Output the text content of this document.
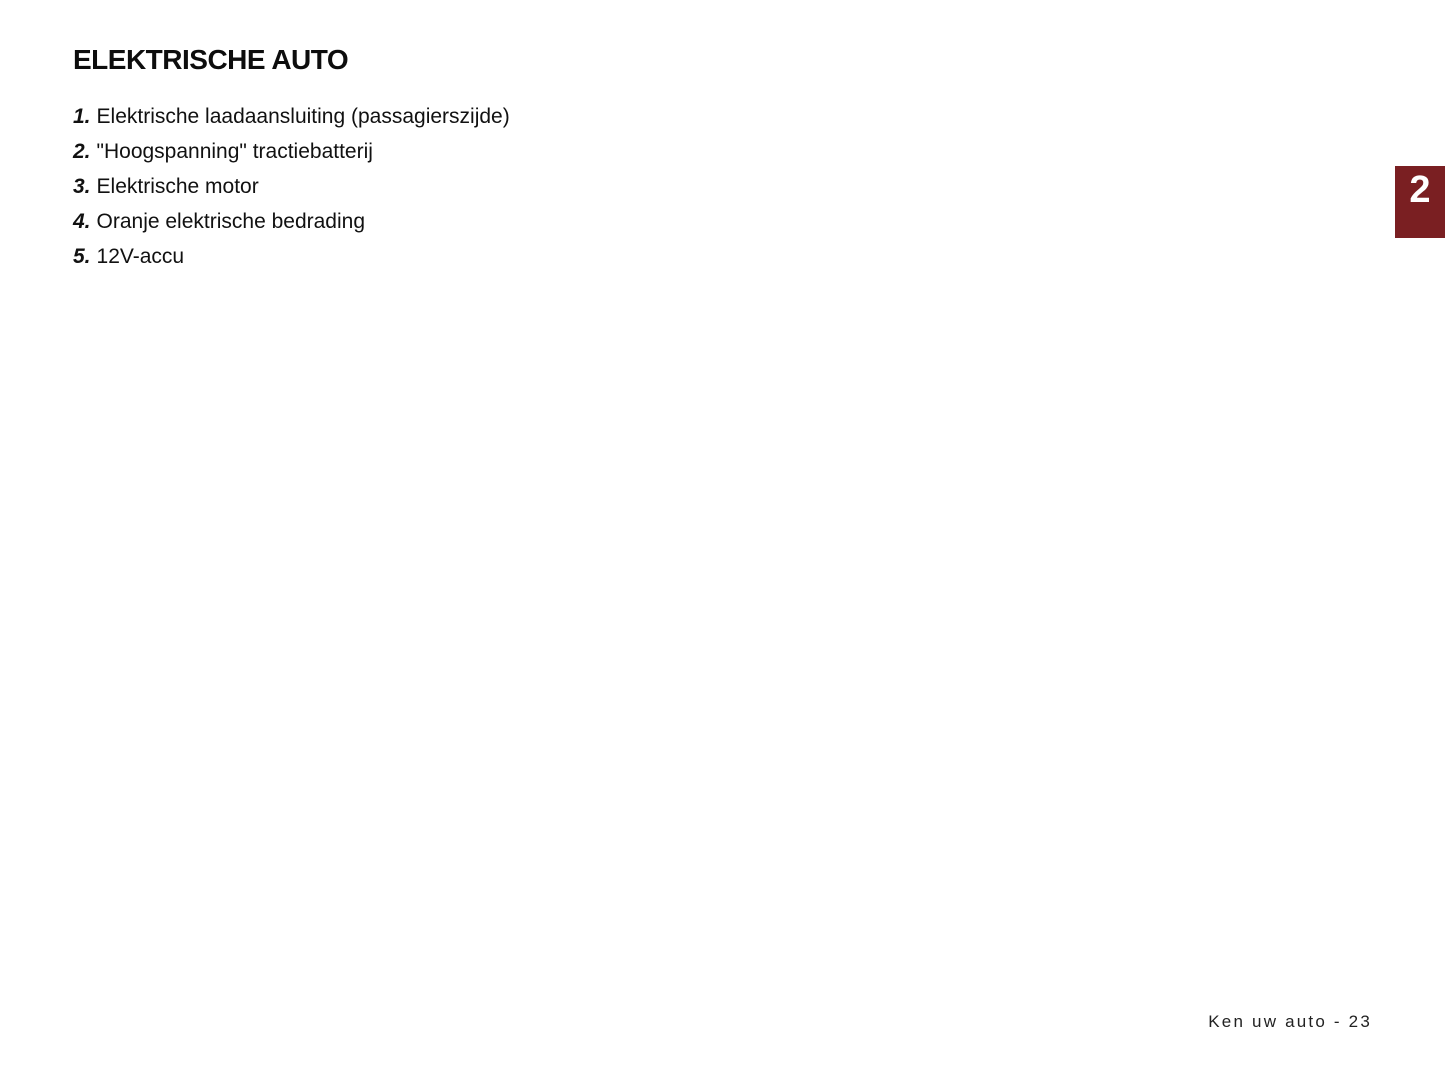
ELEKTRISCHE AUTO
1. Elektrische laadaansluiting (passagierszijde)
2. "Hoogspanning" tractiebatterij
3. Elektrische motor
4. Oranje elektrische bedrading
5. 12V-accu
2
Ken uw auto - 23
